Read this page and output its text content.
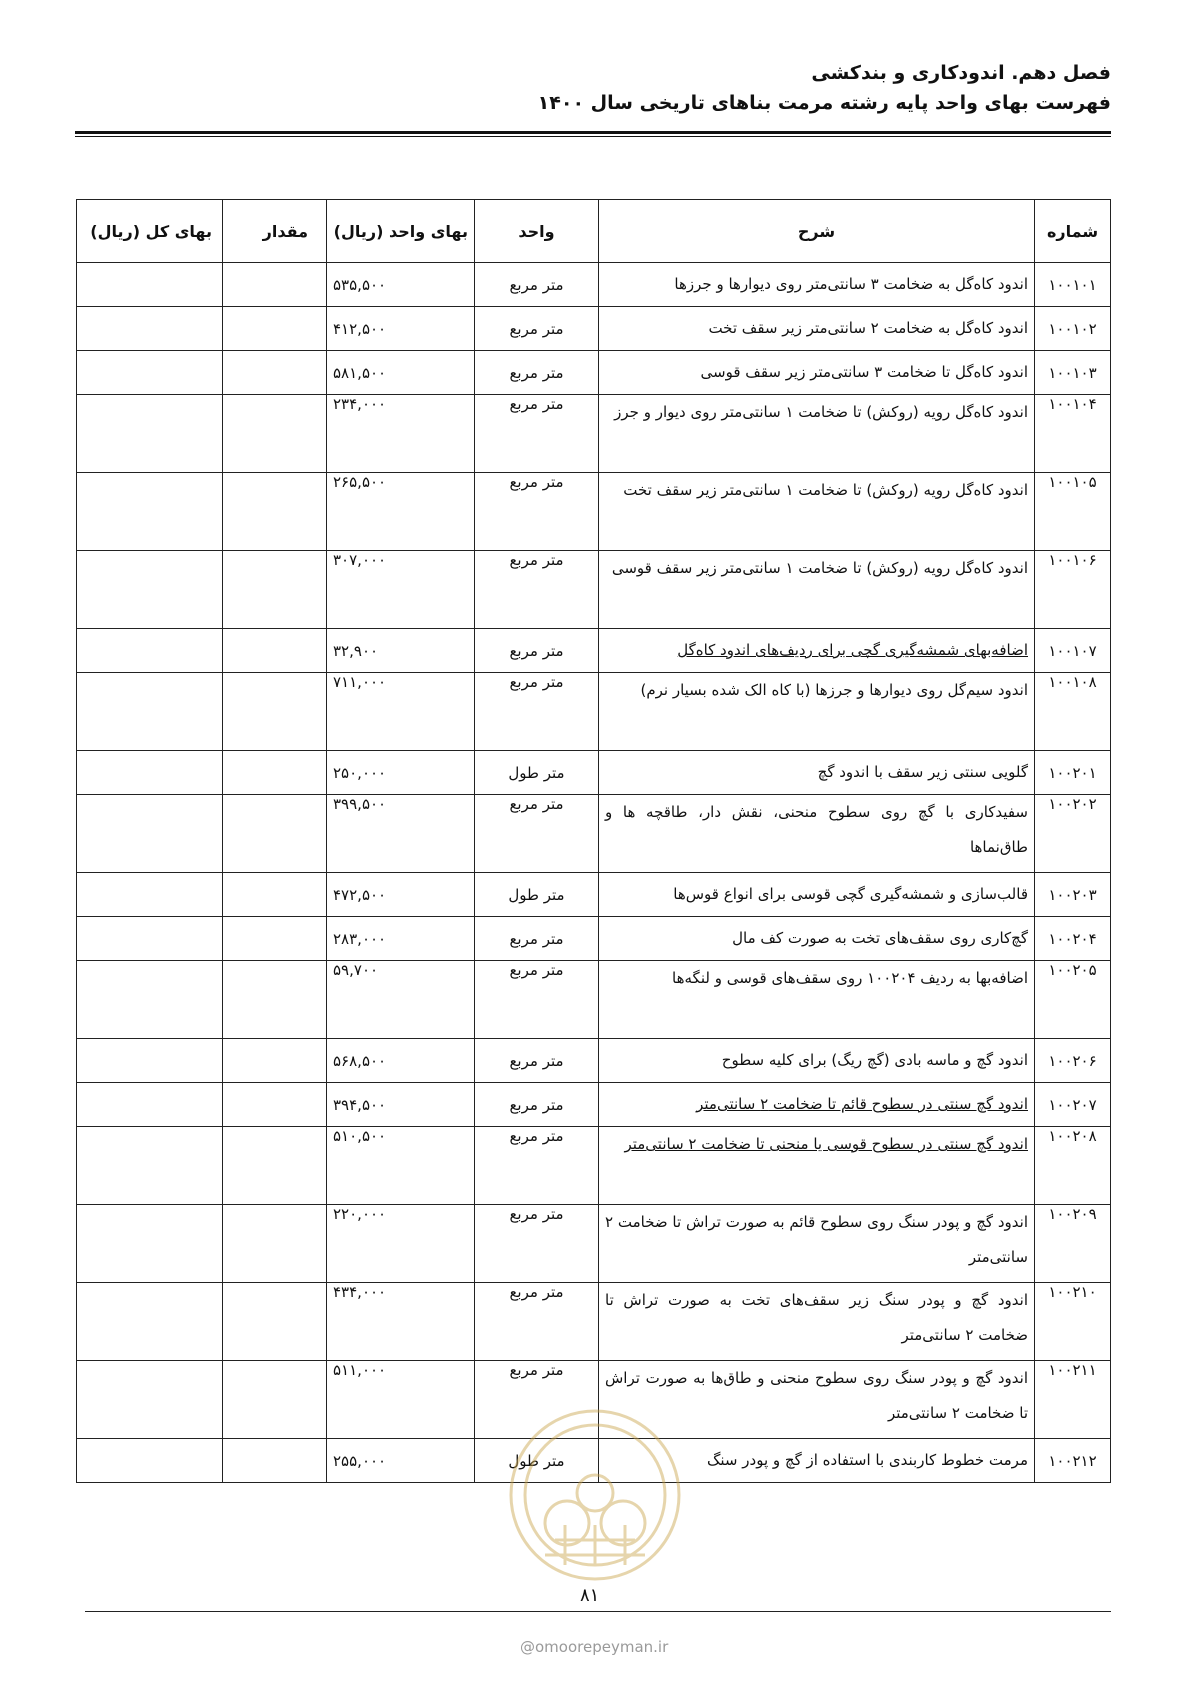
فصل دهم. اندودکاری و بندکشی
فهرست بهای واحد پایه رشته مرمت بناهای تاریخی سال ۱۴۰۰
شماره	شرح	واحد	بهای واحد (ریال)	مقدار	بهای کل (ریال)
۱۰۰۱۰۱	اندود کاه‌گل به ضخامت ۳ سانتی‌متر روی دیوارها و جرزها	متر مربع	۵۳۵,۵۰۰		
۱۰۰۱۰۲	اندود کاه‌گل به ضخامت ۲ سانتی‌متر زیر سقف تخت	متر مربع	۴۱۲,۵۰۰		
۱۰۰۱۰۳	اندود کاه‌گل تا ضخامت ۳ سانتی‌متر زیر سقف قوسی	متر مربع	۵۸۱,۵۰۰		
۱۰۰۱۰۴	اندود کاه‌گل رویه (روکش) تا ضخامت ۱ سانتی‌متر روی دیوار و جرز	متر مربع	۲۳۴,۰۰۰		
۱۰۰۱۰۵	اندود کاه‌گل رویه (روکش) تا ضخامت ۱ سانتی‌متر زیر سقف تخت	متر مربع	۲۶۵,۵۰۰		
۱۰۰۱۰۶	اندود کاه‌گل رویه (روکش) تا ضخامت ۱ سانتی‌متر زیر سقف قوسی	متر مربع	۳۰۷,۰۰۰		
۱۰۰۱۰۷	اضافه‌بهای شمشه‌گیری گچی برای ردیف‌های اندود کاه‌گل	متر مربع	۳۲,۹۰۰		
۱۰۰۱۰۸	اندود سیم‌گل روی دیوارها و جرزها (با کاه الک شده بسیار نرم)	متر مربع	۷۱۱,۰۰۰		
۱۰۰۲۰۱	گلویی سنتی زیر سقف با اندود گچ	متر طول	۲۵۰,۰۰۰		
۱۰۰۲۰۲	سفیدکاری با گچ روی سطوح منحنی، نقش دار، طاقچه ها و طاق‌نماها	متر مربع	۳۹۹,۵۰۰		
۱۰۰۲۰۳	قالب‌سازی و شمشه‌گیری گچی قوسی برای انواع قوس‌ها	متر طول	۴۷۲,۵۰۰		
۱۰۰۲۰۴	گچ‌کاری روی سقف‌های تخت به صورت کف مال	متر مربع	۲۸۳,۰۰۰		
۱۰۰۲۰۵	اضافه‌بها به ردیف ۱۰۰۲۰۴ روی سقف‌های قوسی و لنگه‌ها	متر مربع	۵۹,۷۰۰		
۱۰۰۲۰۶	اندود گچ و ماسه بادی (گچ ریگ) برای کلیه سطوح	متر مربع	۵۶۸,۵۰۰		
۱۰۰۲۰۷	اندود گچ سنتی در سطوح قائم تا ضخامت ۲ سانتی‌متر	متر مربع	۳۹۴,۵۰۰		
۱۰۰۲۰۸	اندود گچ سنتی در سطوح قوسی یا منحنی تا ضخامت ۲ سانتی‌متر	متر مربع	۵۱۰,۵۰۰		
۱۰۰۲۰۹	اندود گچ و پودر سنگ روی سطوح قائم به صورت تراش تا ضخامت ۲ سانتی‌متر	متر مربع	۲۲۰,۰۰۰		
۱۰۰۲۱۰	اندود گچ و پودر سنگ زیر سقف‌های تخت به صورت تراش تا ضخامت ۲ سانتی‌متر	متر مربع	۴۳۴,۰۰۰		
۱۰۰۲۱۱	اندود گچ و پودر سنگ روی سطوح منحنی و طاق‌ها به صورت تراش تا ضخامت ۲ سانتی‌متر	متر مربع	۵۱۱,۰۰۰		
۱۰۰۲۱۲	مرمت خطوط کاربندی با استفاده از گچ و پودر سنگ	متر طول	۲۵۵,۰۰۰		
۸۱
@omoorepeyman.ir
